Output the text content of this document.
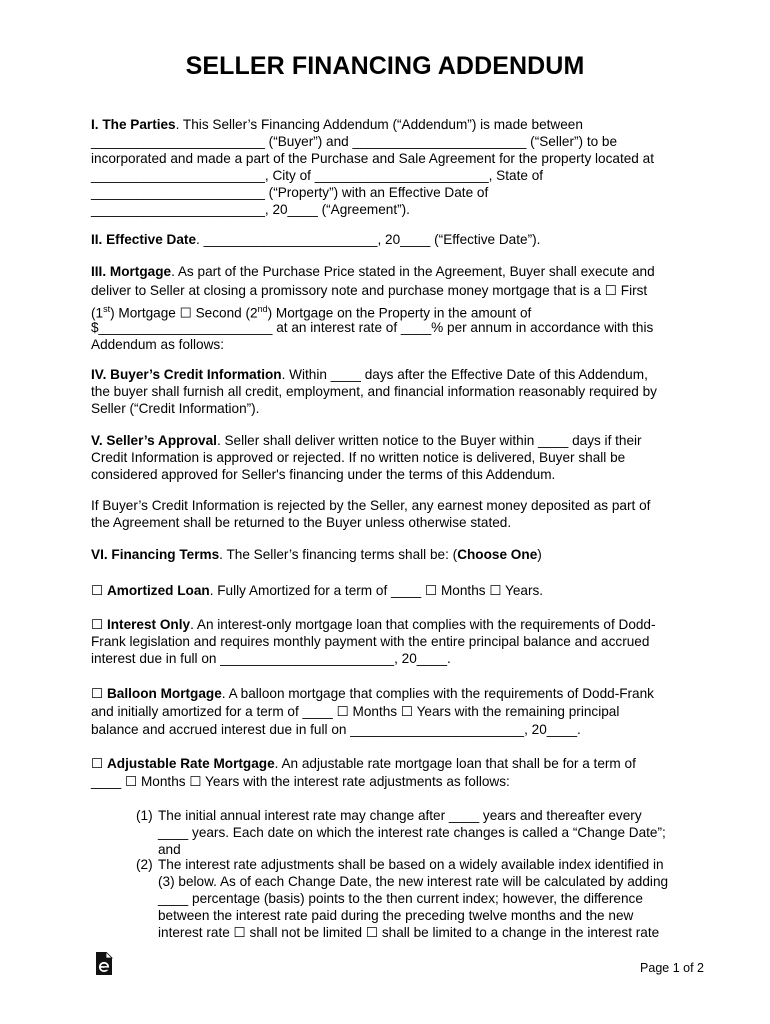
SELLER FINANCING ADDENDUM
I. The Parties. This Seller’s Financing Addendum (“Addendum”) is made between
_______________________ (“Buyer”) and _______________________ (“Seller”) to be
incorporated and made a part of the Purchase and Sale Agreement for the property located at
_______________________, City of _______________________, State of
_______________________ (“Property”) with an Effective Date of
_______________________, 20____ (“Agreement”).
II. Effective Date. _______________________, 20____ (“Effective Date”).
III. Mortgage. As part of the Purchase Price stated in the Agreement, Buyer shall execute and
deliver to Seller at closing a promissory note and purchase money mortgage that is a ☐ First
(1st) Mortgage ☐ Second (2nd) Mortgage on the Property in the amount of
$_______________________ at an interest rate of ____% per annum in accordance with this
Addendum as follows:
IV. Buyer’s Credit Information. Within ____ days after the Effective Date of this Addendum,
the buyer shall furnish all credit, employment, and financial information reasonably required by
Seller (“Credit Information”).
V. Seller’s Approval. Seller shall deliver written notice to the Buyer within ____ days if their
Credit Information is approved or rejected. If no written notice is delivered, Buyer shall be
considered approved for Seller's financing under the terms of this Addendum.
If Buyer’s Credit Information is rejected by the Seller, any earnest money deposited as part of
the Agreement shall be returned to the Buyer unless otherwise stated.
VI. Financing Terms. The Seller’s financing terms shall be: (Choose One)
☐ Amortized Loan. Fully Amortized for a term of ____ ☐ Months ☐ Years.
☐ Interest Only. An interest-only mortgage loan that complies with the requirements of Dodd-
Frank legislation and requires monthly payment with the entire principal balance and accrued
interest due in full on _______________________, 20____.
☐ Balloon Mortgage. A balloon mortgage that complies with the requirements of Dodd-Frank
and initially amortized for a term of ____ ☐ Months ☐ Years with the remaining principal
balance and accrued interest due in full on _______________________, 20____.
☐ Adjustable Rate Mortgage. An adjustable rate mortgage loan that shall be for a term of
____ ☐ Months ☐ Years with the interest rate adjustments as follows:
(1) The initial annual interest rate may change after ____ years and thereafter every
____ years. Each date on which the interest rate changes is called a “Change Date”;
and
(2) The interest rate adjustments shall be based on a widely available index identified in
(3) below. As of each Change Date, the new interest rate will be calculated by adding
____ percentage (basis) points to the then current index; however, the difference
between the interest rate paid during the preceding twelve months and the new
interest rate ☐ shall not be limited ☐ shall be limited to a change in the interest rate
Page 1 of 2
